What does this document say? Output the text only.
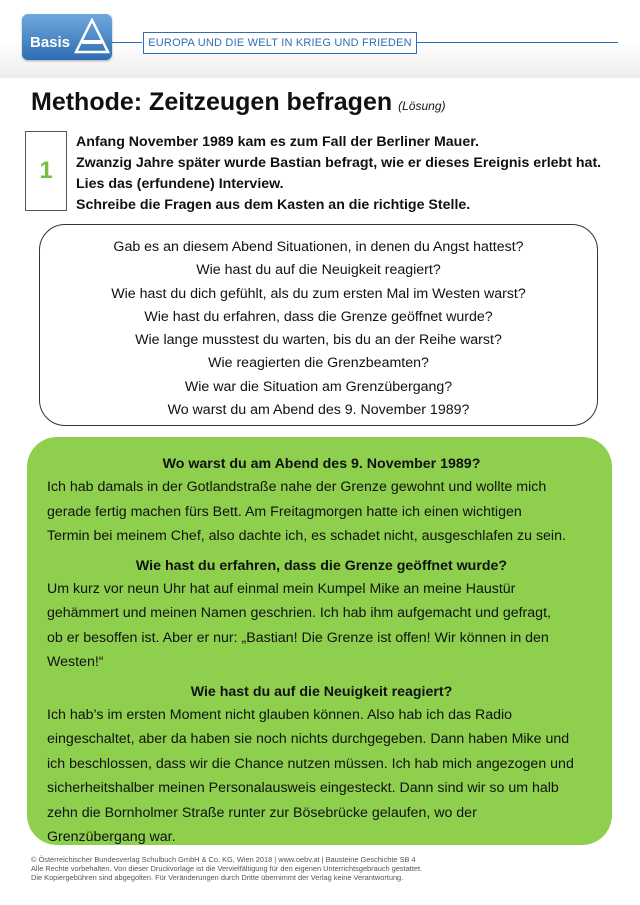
Basis	EUROPA UND DIE WELT IN KRIEG UND FRIEDEN
Methode: Zeitzeugen befragen (Lösung)
1
Anfang November 1989 kam es zum Fall der Berliner Mauer.
Zwanzig Jahre später wurde Bastian befragt, wie er dieses Ereignis erlebt hat.
Lies das (erfundene) Interview.
Schreibe die Fragen aus dem Kasten an die richtige Stelle.
Gab es an diesem Abend Situationen, in denen du Angst hattest?
Wie hast du auf die Neuigkeit reagiert?
Wie hast du dich gefühlt, als du zum ersten Mal im Westen warst?
Wie hast du erfahren, dass die Grenze geöffnet wurde?
Wie lange musstest du warten, bis du an der Reihe warst?
Wie reagierten die Grenzbeamten?
Wie war die Situation am Grenzübergang?
Wo warst du am Abend des 9. November 1989?
Wo warst du am Abend des 9. November 1989?
Ich hab damals in der Gotlandstraße nahe der Grenze gewohnt und wollte mich
gerade fertig machen fürs Bett. Am Freitagmorgen hatte ich einen wichtigen
Termin bei meinem Chef, also dachte ich, es schadet nicht, ausgeschlafen zu sein.
Wie hast du erfahren, dass die Grenze geöffnet wurde?
Um kurz vor neun Uhr hat auf einmal mein Kumpel Mike an meine Haustür
gehämmert und meinen Namen geschrien. Ich hab ihm aufgemacht und gefragt,
ob er besoffen ist. Aber er nur: „Bastian! Die Grenze ist offen! Wir können in den
Westen!“
Wie hast du auf die Neuigkeit reagiert?
Ich hab’s im ersten Moment nicht glauben können. Also hab ich das Radio
eingeschaltet, aber da haben sie noch nichts durchgegeben. Dann haben Mike und
ich beschlossen, dass wir die Chance nutzen müssen. Ich hab mich angezogen und
sicherheitshalber meinen Personalausweis eingesteckt. Dann sind wir so um halb
zehn die Bornholmer Straße runter zur Bösebrücke gelaufen, wo der
Grenzübergang war.
© Österreichischer Bundesverlag Schulbuch GmbH & Co. KG, Wien 2018 | www.oebv.at | Bausteine Geschichte SB 4
Alle Rechte vorbehalten. Von dieser Druckvorlage ist die Vervielfältigung für den eigenen Unterrichtsgebrauch gestattet.
Die Kopiergebühren sind abgegolten. Für Veränderungen durch Dritte übernimmt der Verlag keine Verantwortung.
